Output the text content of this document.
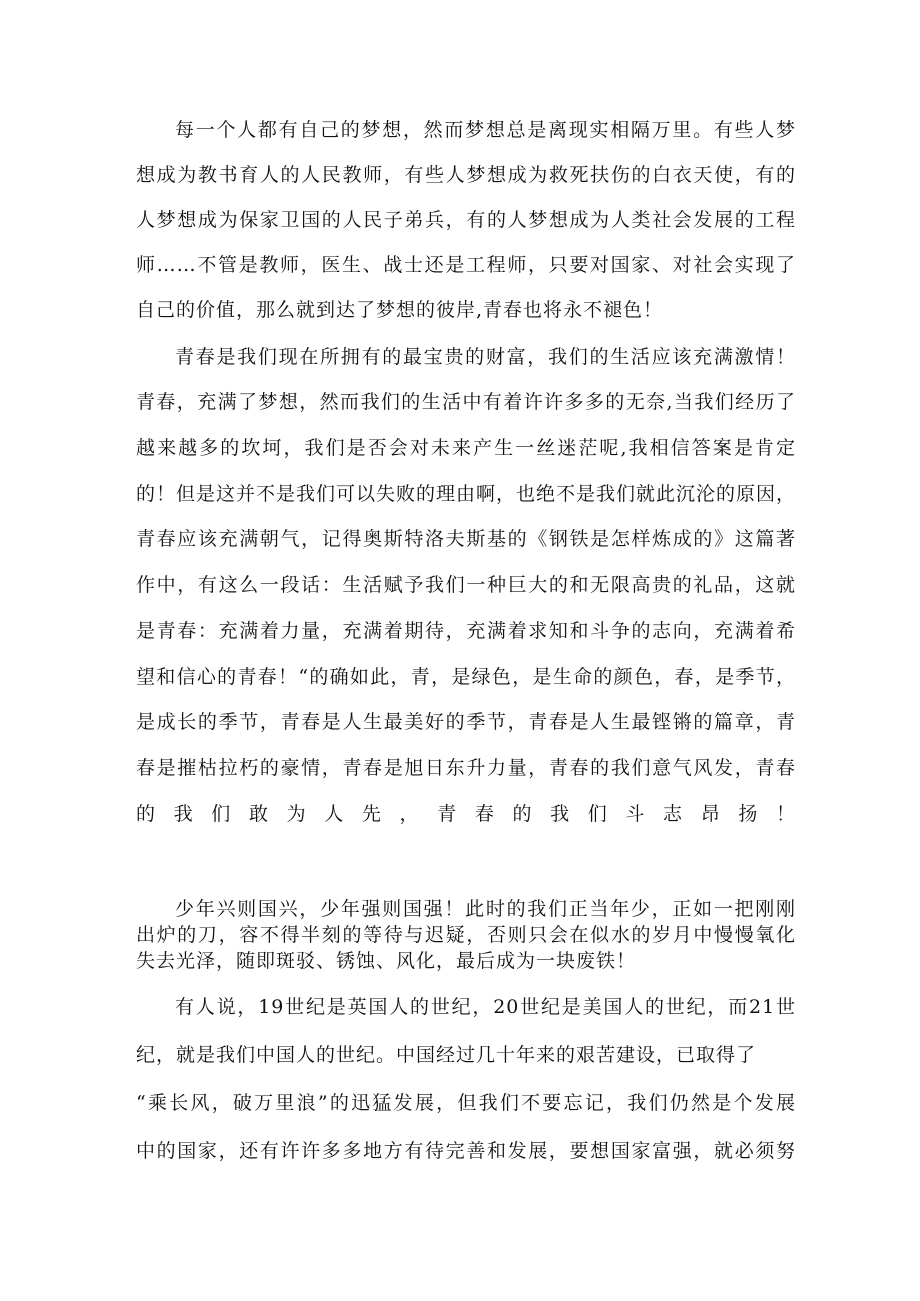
每一个人都有自己的梦想，然而梦想总是离现实相隔万里。有些人梦
想成为教书育人的人民教师，有些人梦想成为救死扶伤的白衣天使，有的
人梦想成为保家卫国的人民子弟兵，有的人梦想成为人类社会发展的工程
师……不管是教师，医生、战士还是工程师，只要对国家、对社会实现了
自己的价值，那么就到达了梦想的彼岸,青春也将永不褪色！
青春是我们现在所拥有的最宝贵的财富，我们的生活应该充满激情！
青春，充满了梦想，然而我们的生活中有着许许多多的无奈,当我们经历了
越来越多的坎坷，我们是否会对未来产生一丝迷茫呢,我相信答案是肯定
的！但是这并不是我们可以失败的理由啊，也绝不是我们就此沉沦的原因，
青春应该充满朝气，记得奥斯特洛夫斯基的《钢铁是怎样炼成的》这篇著
作中，有这么一段话：生活赋予我们一种巨大的和无限高贵的礼品，这就
是青春：充满着力量，充满着期待，充满着求知和斗争的志向，充满着希
望和信心的青春！“的确如此，青，是绿色，是生命的颜色，春，是季节，
是成长的季节，青春是人生最美好的季节，青春是人生最铿锵的篇章，青
春是摧枯拉朽的豪情，青春是旭日东升力量，青春的我们意气风发，青春
的我们敢为人先，青春的我们斗志昂扬！
少年兴则国兴，少年强则国强！此时的我们正当年少，正如一把刚刚
出炉的刀，容不得半刻的等待与迟疑，否则只会在似水的岁月中慢慢氧化
失去光泽，随即斑驳、锈蚀、风化，最后成为一块废铁！
有人说，19世纪是英国人的世纪，20世纪是美国人的世纪，而21世
纪，就是我们中国人的世纪。中国经过几十年来的艰苦建设，已取得了
“乘长风，破万里浪”的迅猛发展，但我们不要忘记，我们仍然是个发展
中的国家，还有许许多多地方有待完善和发展，要想国家富强，就必须努
